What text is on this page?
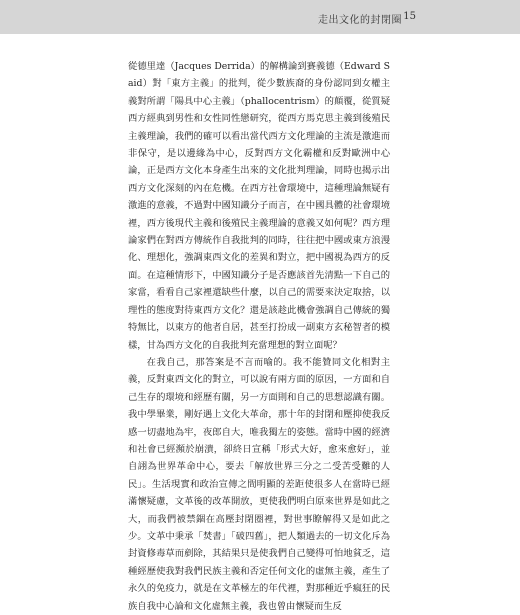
走出文化的封閉圈 15

從德里達（Jacques Derrida）的解構論到賽義德（Edward Said）對「東方主義」的批判，從少數族裔的身份認同到女權主義對所謂「陽具中心主義」（phallocentrism）的顛覆，從質疑西方經典到男性和女性同性戀研究，從西方馬克思主義到後殖民主義理論，我們的確可以看出當代西方文化理論的主流是激進而非保守，是以邊緣為中心，反對西方文化霸權和反對歐洲中心論，正是西方文化本身產生出來的文化批判理論，同時也揭示出西方文化深刻的內在危機。在西方社會環境中，這種理論無疑有激進的意義，不過對中國知識分子而言，在中國具體的社會環境裡，西方後現代主義和後殖民主義理論的意義又如何呢？西方理論家們在對西方傳統作自我批判的同時，往往把中國或東方浪漫化、理想化，強調東西文化的差異和對立，把中國視為西方的反面。在這種情形下，中國知識分子是否應該首先清點一下自己的家當，看看自己家裡還缺些什麼，以自己的需要來決定取捨，以理性的態度對待東西方文化？還是該趁此機會強調自己傳統的獨特無比，以東方的他者自居，甚至打扮成一副東方玄秘智者的模樣，甘為西方文化的自我批判充當理想的對立面呢？

在我自己，那答案是不言而喻的。我不能贊同文化相對主義，反對東西文化的對立，可以說有兩方面的原因，一方面和自己生存的環境和經歷有關，另一方面則和自己的思想認識有關。我中學畢業，剛好遇上文化大革命，那十年的封閉和壓抑使我反感一切盡地為牢，夜郎自大，唯我獨左的姿態。當時中國的經濟和社會已經瀕於崩潰，卻終日宣稱「形式大好，愈來愈好」，並自詡為世界革命中心，要去「解放世界三分之二受苦受難的人民」。生活現實和政治宣傳之間明顯的差距使很多人在當時已經滿懷疑慮，文革後的改革開放，更使我們明白原來世界是如此之大，而我們被禁錮在高壓封閉圈裡，對世事瞭解得又是如此之少。文革中秉承「焚書」「破四舊」，把人類過去的一切文化斥為封資修毒草而剷除，其結果只是使我們自己變得可怕地貧乏，這種經歷使我對我們民族主義和否定任何文化的虛無主義，產生了永久的免疫力，就是在文革極左的年代裡，對那種近乎瘋狂的民族自我中心論和文化虛無主義，我也曾由懷疑而生反
